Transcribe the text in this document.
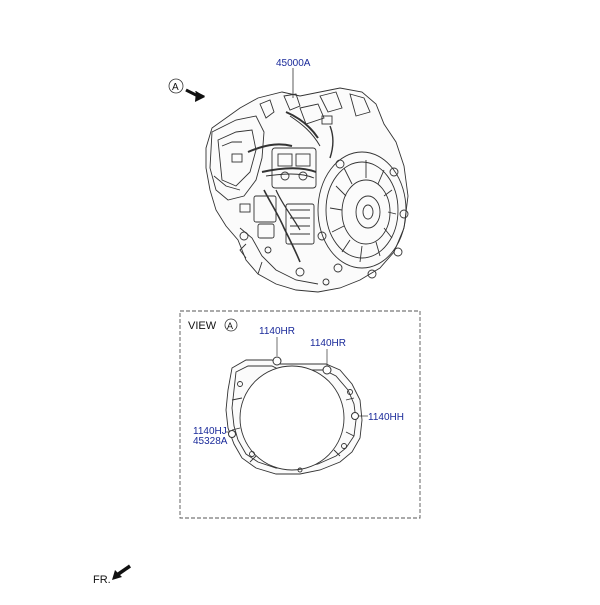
45000A
A
VIEW A	1140HR
1140HR
1140HH
1140HJ
45328A
FR.
